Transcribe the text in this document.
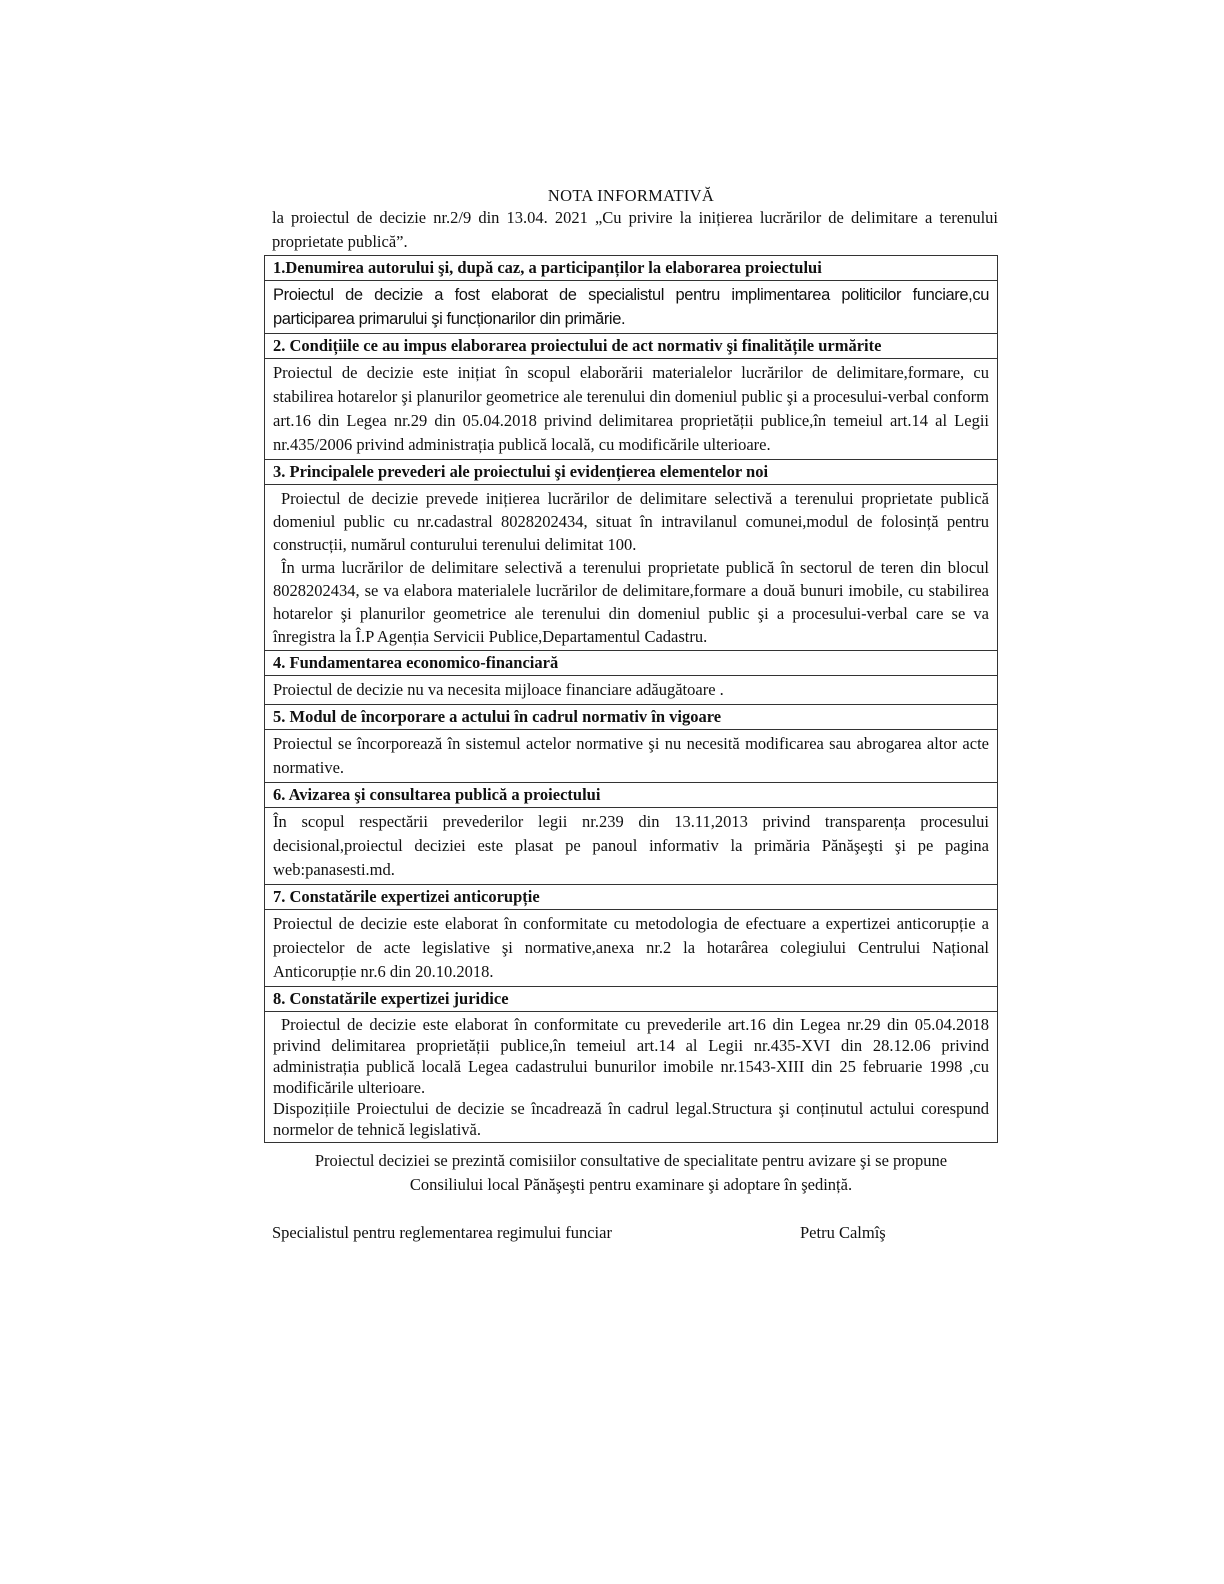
NOTA INFORMATIVĂ
la proiectul de decizie nr.2/9 din 13.04. 2021 „Cu privire la inițierea lucrărilor de delimitare a terenului proprietate publică”.
1.Denumirea autorului şi, după caz, a participanților la elaborarea proiectului

Proiectul de decizie a fost elaborat de specialistul pentru implimentarea politicilor funciare,cu participarea primarului şi funcționarilor din primărie.

2. Condițiile ce au impus elaborarea proiectului de act normativ şi finalitățile urmărite

Proiectul de decizie este inițiat în scopul elaborării materialelor lucrărilor de delimitare,formare, cu stabilirea hotarelor şi planurilor geometrice ale terenului din domeniul public şi a procesului-verbal conform art.16 din Legea nr.29 din 05.04.2018 privind delimitarea proprietății publice,în temeiul art.14 al Legii nr.435/2006 privind administrația publică locală, cu modificările ulterioare.

3. Principalele prevederi ale proiectului şi evidențierea elementelor noi

Proiectul de decizie prevede inițierea lucrărilor de delimitare selectivă a terenului proprietate publică domeniul public cu nr.cadastral 8028202434, situat în intravilanul comunei,modul de folosință pentru construcții, numărul conturului terenului delimitat 100.

În urma lucrărilor de delimitare selectivă a terenului proprietate publică în sectorul de teren din blocul 8028202434, se va elabora materialele lucrărilor de delimitare,formare a două bunuri imobile, cu stabilirea hotarelor şi planurilor geometrice ale terenului din domeniul public şi a procesului-verbal care se va înregistra la Î.P Agenția Servicii Publice,Departamentul Cadastru.

4. Fundamentarea economico-financiară

Proiectul de decizie nu va necesita mijloace financiare adăugătoare .

5. Modul de încorporare a actului în cadrul normativ în vigoare

Proiectul se încorporează în sistemul actelor normative şi nu necesită modificarea sau abrogarea altor acte normative.

6. Avizarea şi consultarea publică a proiectului

În scopul respectării prevederilor legii nr.239 din 13.11,2013 privind transparența procesului decisional,proiectul deciziei este plasat pe panoul informativ la primăria Pănăşeşti şi pe pagina web:panasesti.md.

7. Constatările expertizei anticorupție

Proiectul de decizie este elaborat în conformitate cu metodologia de efectuare a expertizei anticorupție a proiectelor de acte legislative şi normative,anexa nr.2 la hotarârea colegiului Centrului Național Anticorupție nr.6 din 20.10.2018.

8. Constatările expertizei juridice

Proiectul de decizie este elaborat în conformitate cu prevederile art.16 din Legea nr.29 din 05.04.2018 privind delimitarea proprietății publice,în temeiul art.14 al Legii nr.435-XVI din 28.12.06 privind administrația publică locală Legea cadastrului bunurilor imobile nr.1543-XIII din 25 februarie 1998 ,cu modificările ulterioare.

Dispozițiile Proiectului de decizie se încadrează în cadrul legal.Structura şi conținutul actului corespund normelor de tehnică legislativă.

Proiectul deciziei se prezintă comisiilor consultative de specialitate pentru avizare şi se propune
Consiliului local Pănăşeşti pentru examinare şi adoptare în şedință.
Specialistul pentru reglementarea regimului funciar	Petru Calmîş
